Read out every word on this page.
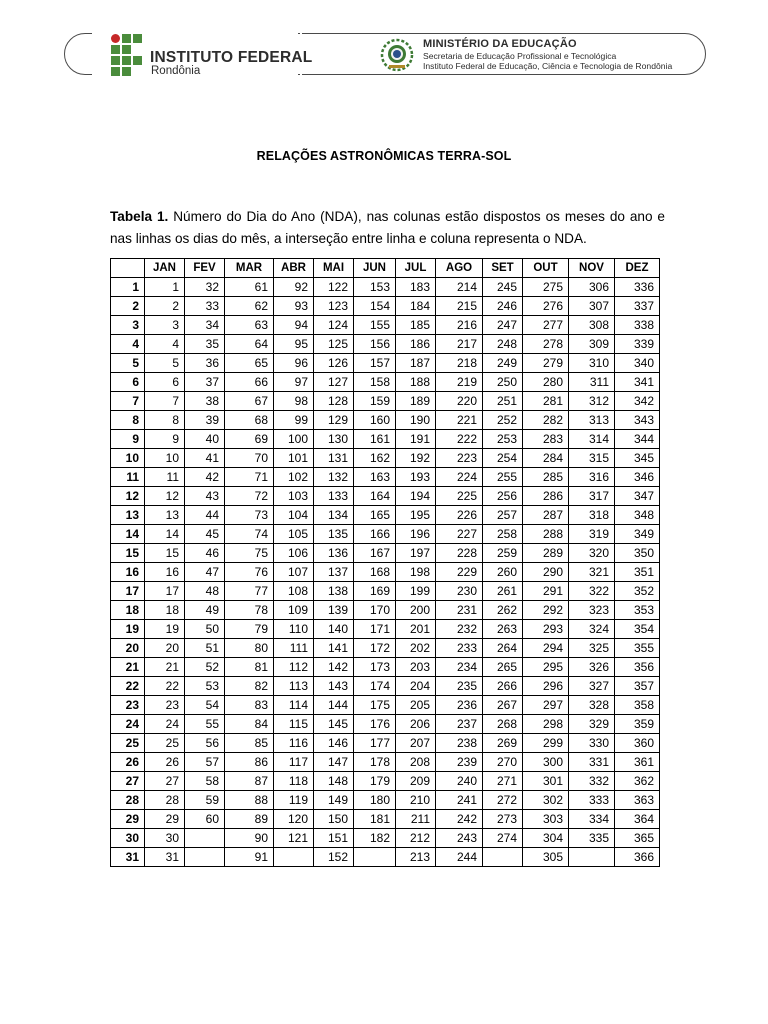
INSTITUTO FEDERAL
Rondônia
MINISTÉRIO DA EDUCAÇÃO
Secretaria de Educação Profissional e Tecnológica
Instituto Federal de Educação, Ciência e Tecnologia de Rondônia
RELAÇÕES ASTRONÔMICAS TERRA-SOL
Tabela 1. Número do Dia do Ano (NDA), nas colunas estão dispostos os meses do ano e nas linhas os dias do mês, a interseção entre linha e coluna representa o NDA.
	JAN	FEV	MAR	ABR	MAI	JUN	JUL	AGO	SET	OUT	NOV	DEZ
1	1	32	61	92	122	153	183	214	245	275	306	336
2	2	33	62	93	123	154	184	215	246	276	307	337
3	3	34	63	94	124	155	185	216	247	277	308	338
4	4	35	64	95	125	156	186	217	248	278	309	339
5	5	36	65	96	126	157	187	218	249	279	310	340
6	6	37	66	97	127	158	188	219	250	280	311	341
7	7	38	67	98	128	159	189	220	251	281	312	342
8	8	39	68	99	129	160	190	221	252	282	313	343
9	9	40	69	100	130	161	191	222	253	283	314	344
10	10	41	70	101	131	162	192	223	254	284	315	345
11	11	42	71	102	132	163	193	224	255	285	316	346
12	12	43	72	103	133	164	194	225	256	286	317	347
13	13	44	73	104	134	165	195	226	257	287	318	348
14	14	45	74	105	135	166	196	227	258	288	319	349
15	15	46	75	106	136	167	197	228	259	289	320	350
16	16	47	76	107	137	168	198	229	260	290	321	351
17	17	48	77	108	138	169	199	230	261	291	322	352
18	18	49	78	109	139	170	200	231	262	292	323	353
19	19	50	79	110	140	171	201	232	263	293	324	354
20	20	51	80	111	141	172	202	233	264	294	325	355
21	21	52	81	112	142	173	203	234	265	295	326	356
22	22	53	82	113	143	174	204	235	266	296	327	357
23	23	54	83	114	144	175	205	236	267	297	328	358
24	24	55	84	115	145	176	206	237	268	298	329	359
25	25	56	85	116	146	177	207	238	269	299	330	360
26	26	57	86	117	147	178	208	239	270	300	331	361
27	27	58	87	118	148	179	209	240	271	301	332	362
28	28	59	88	119	149	180	210	241	272	302	333	363
29	29	60	89	120	150	181	211	242	273	303	334	364
30	30		90	121	151	182	212	243	274	304	335	365
31	31		91		152		213	244		305		366
